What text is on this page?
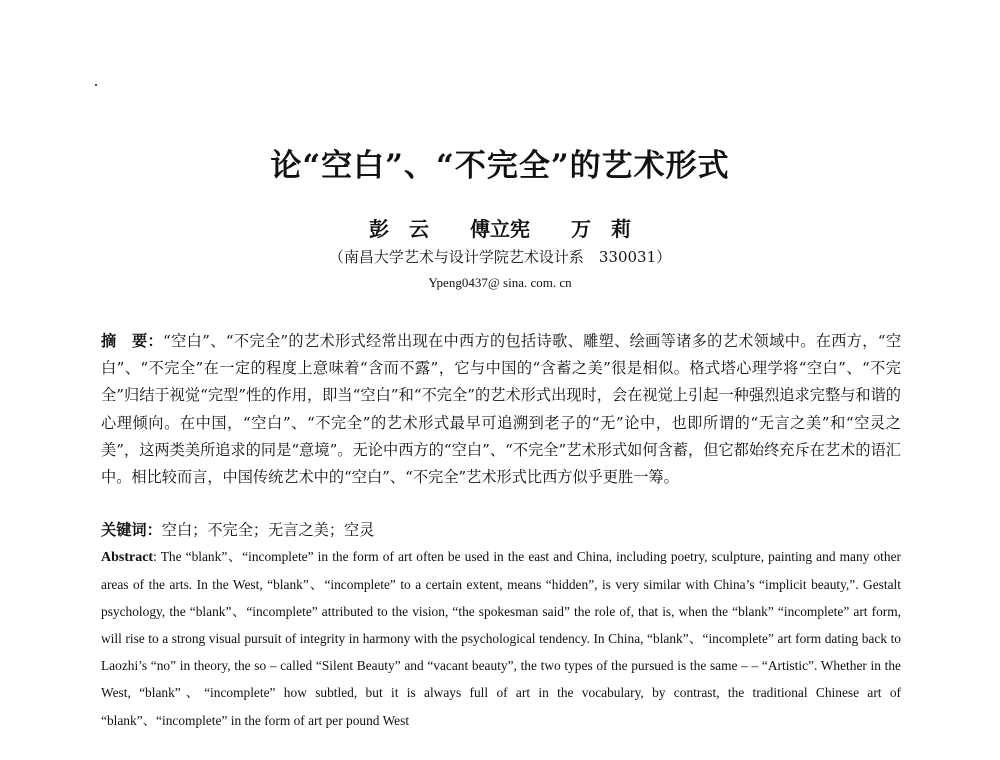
论“空白”、“不完全”的艺术形式
彭　云 傅立宪 万　莉
（南昌大学艺术与设计学院艺术设计系　330031）
Ypeng0437@ sina. com. cn
摘　要：“空白”、“不完全”的艺术形式经常出现在中西方的包括诗歌、雕塑、绘画等诸多的艺术领域中。在西方，“空白”、“不完全”在一定的程度上意味着“含而不露”，它与中国的“含蓄之美”很是相似。格式塔心理学将“空白”、“不完全”归结于视觉“完型”性的作用，即当“空白”和“不完全”的艺术形式出现时，会在视觉上引起一种强烈追求完整与和谐的心理倾向。在中国，“空白”、“不完全”的艺术形式最早可追溯到老子的“无”论中，也即所谓的“无言之美”和“空灵之美”，这两类美所追求的同是“意境”。无论中西方的“空白”、“不完全”艺术形式如何含蓄，但它都始终充斥在艺术的语汇中。相比较而言，中国传统艺术中的“空白”、“不完全”艺术形式比西方似乎更胜一筹。
关键词：空白；不完全；无言之美；空灵
Abstract: The “blank”、“incomplete” in the form of art often be used in the east and China, including poetry, sculpture, painting and many other areas of the arts. In the West, “blank”、“incomplete” to a certain extent, means “hidden”, is very similar with China’s “implicit beauty,”. Gestalt psychology, the “blank”、“incomplete” attributed to the vision, “the spokesman said” the role of, that is, when the “blank” “incomplete” art form, will rise to a strong visual pursuit of integrity in harmony with the psychological tendency. In China, “blank”、“incomplete” art form dating back to Laozhi’s “no” in theory, the so – called “Silent Beauty” and “vacant beauty”, the two types of the pursued is the same – – “Artistic”. Whether in the West, “blank”、“incomplete” how subtled, but it is always full of art in the vocabulary, by contrast, the traditional Chinese art of “blank”、“incomplete” in the form of art per pound West
